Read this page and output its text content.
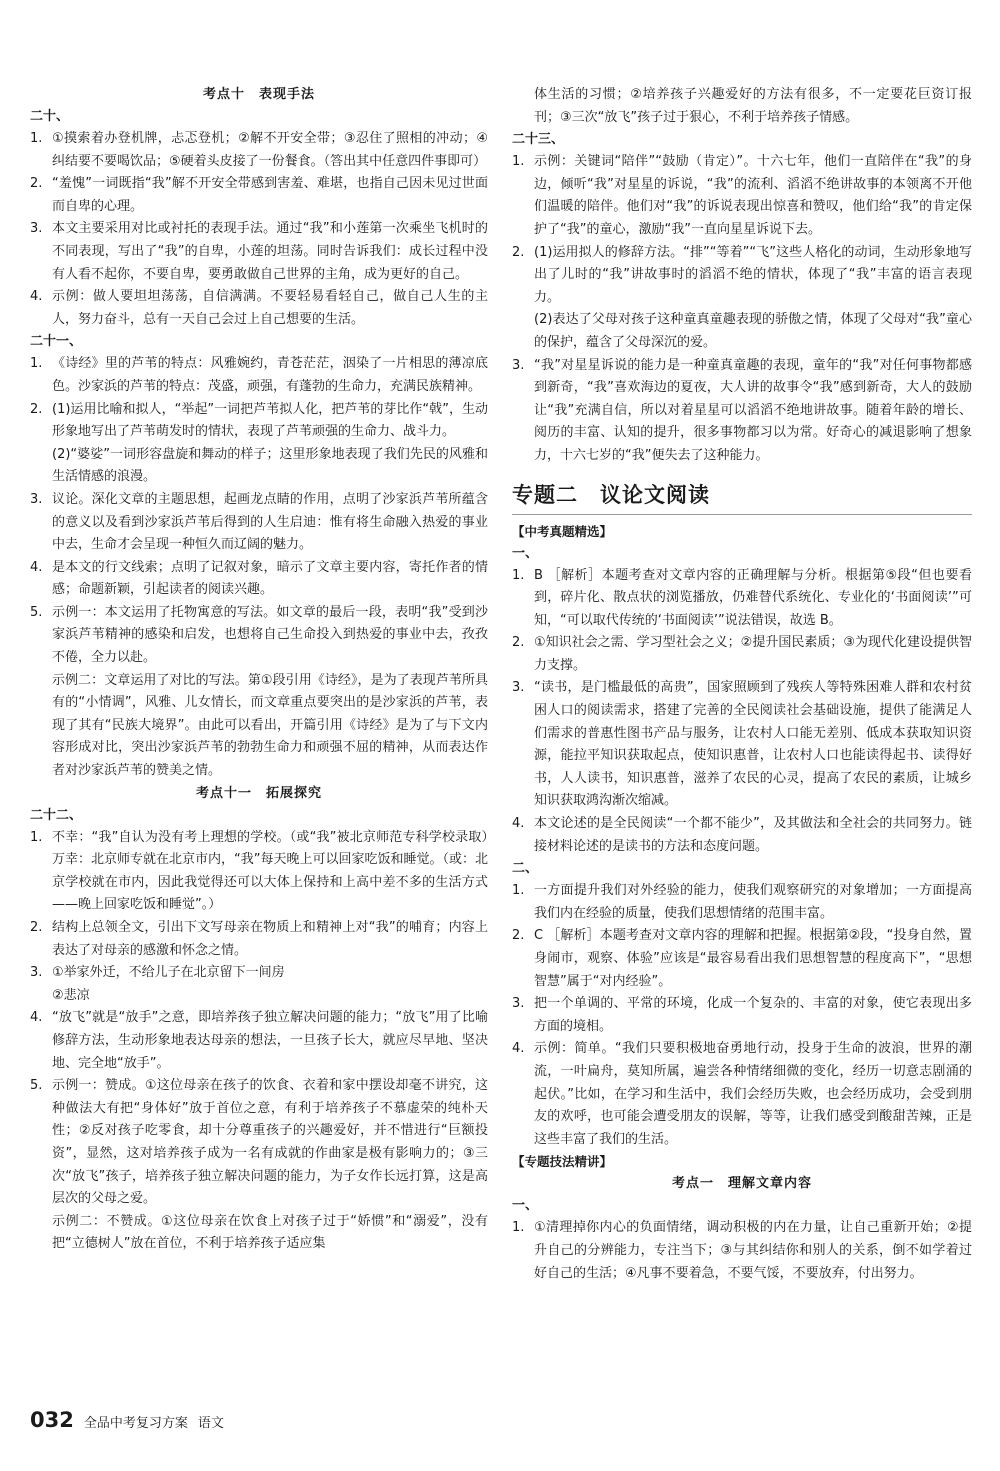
考点十　表现手法
二十、
1. ①摸索着办登机牌，忐忑登机；②解不开安全带；③忍住了照相的冲动；④纠结要不要喝饮品；⑤硬着头皮接了一份餐食。（答出其中任意四件事即可）
2. “羞愧”一词既指“我”解不开安全带感到害羞、难堪，也指自己因未见过世面而自卑的心理。
3. 本文主要采用对比或衬托的表现手法。通过“我”和小莲第一次乘坐飞机时的不同表现，写出了“我”的自卑，小莲的坦荡。同时告诉我们：成长过程中没有人看不起你，不要自卑，要勇敢做自己世界的主角，成为更好的自己。
4. 示例：做人要坦坦荡荡，自信满满。不要轻易看轻自己，做自己人生的主人，努力奋斗，总有一天自己会过上自己想要的生活。
二十一、
1. 《诗经》里的芦苇的特点：风雅婉约，青苍茫茫，洇染了一片相思的薄凉底色。沙家浜的芦苇的特点：茂盛，顽强，有蓬勃的生命力，充满民族精神。
2. (1)运用比喻和拟人，“举起”一词把芦苇拟人化，把芦苇的芽比作“戟”，生动形象地写出了芦苇萌发时的情状，表现了芦苇顽强的生命力、战斗力。
(2)“婆娑”一词形容盘旋和舞动的样子；这里形象地表现了我们先民的风雅和生活情感的浪漫。
3. 议论。深化文章的主题思想，起画龙点睛的作用，点明了沙家浜芦苇所蕴含的意义以及看到沙家浜芦苇后得到的人生启迪：惟有将生命融入热爱的事业中去，生命才会呈现一种恒久而辽阔的魅力。
4. 是本文的行文线索；点明了记叙对象，暗示了文章主要内容，寄托作者的情感；命题新颖，引起读者的阅读兴趣。
5. 示例一：本文运用了托物寓意的写法。如文章的最后一段，表明“我”受到沙家浜芦苇精神的感染和启发，也想将自己生命投入到热爱的事业中去，孜孜不倦，全力以赴。
示例二：文章运用了对比的写法。第①段引用《诗经》，是为了表现芦苇所具有的“小情调”，风雅、儿女情长，而文章重点要突出的是沙家浜的芦苇，表现了其有“民族大境界”。由此可以看出，开篇引用《诗经》是为了与下文内容形成对比，突出沙家浜芦苇的勃勃生命力和顽强不屈的精神，从而表达作者对沙家浜芦苇的赞美之情。
考点十一　拓展探究
二十二、
1. 不幸：“我”自认为没有考上理想的学校。（或“我”被北京师范专科学校录取）　万幸：北京师专就在北京市内，“我”每天晚上可以回家吃饭和睡觉。（或：北京学校就在市内，因此我觉得还可以大体上保持和上高中差不多的生活方式——晚上回家吃饭和睡觉”。）
2. 结构上总领全文，引出下文写母亲在物质上和精神上对“我”的哺育；内容上表达了对母亲的感激和怀念之情。
3. ①举家外迁，不给儿子在北京留下一间房
②悲凉
4. “放飞”就是“放手”之意，即培养孩子独立解决问题的能力；“放飞”用了比喻修辞方法，生动形象地表达母亲的想法，一旦孩子长大，就应尽早地、坚决地、完全地“放手”。
5. 示例一：赞成。①这位母亲在孩子的饮食、衣着和家中摆设却毫不讲究，这种做法大有把“身体好”放于首位之意，有利于培养孩子不慕虚荣的纯朴天性；②反对孩子吃零食，却十分尊重孩子的兴趣爱好，并不惜进行“巨额投资”，显然，这对培养孩子成为一名有成就的作曲家是极有影响力的；③三次“放飞”孩子，培养孩子独立解决问题的能力，为子女作长远打算，这是高层次的父母之爱。
示例二：不赞成。①这位母亲在饮食上对孩子过于“娇惯”和“溺爱”，没有把“立德树人”放在首位，不利于培养孩子适应集
体生活的习惯；②培养孩子兴趣爱好的方法有很多，不一定要花巨资订报刊；③三次“放飞”孩子过于狠心，不利于培养孩子情感。
二十三、
1. 示例：关键词“陪伴”“鼓励（肯定）”。十六七年，他们一直陪伴在“我”的身边，倾听“我”对星星的诉说，“我”的流利、滔滔不绝讲故事的本领离不开他们温暖的陪伴。他们对“我”的诉说表现出惊喜和赞叹，他们给“我”的肯定保护了“我”的童心，激励“我”一直向星星诉说下去。
2. (1)运用拟人的修辞方法。“排”“等着”“飞”这些人格化的动词，生动形象地写出了儿时的“我”讲故事时的滔滔不绝的情状，体现了“我”丰富的语言表现力。
(2)表达了父母对孩子这种童真童趣表现的骄傲之情，体现了父母对“我”童心的保护，蕴含了父母深沉的爱。
3. “我”对星星诉说的能力是一种童真童趣的表现，童年的“我”对任何事物都感到新奇，“我”喜欢海边的夏夜，大人讲的故事令“我”感到新奇，大人的鼓励让“我”充满自信，所以对着星星可以滔滔不绝地讲故事。随着年龄的增长、阅历的丰富、认知的提升，很多事物都习以为常。好奇心的减退影响了想象力，十六七岁的“我”便失去了这种能力。
专题二　议论文阅读
【中考真题精选】
一、
1. B ［解析］本题考查对文章内容的正确理解与分析。根据第⑤段“但也要看到，碎片化、散点状的浏览播放，仍难替代系统化、专业化的‘书面阅读’”可知，“可以取代传统的‘书面阅读’”说法错误，故选 B。
2. ①知识社会之需、学习型社会之义；②提升国民素质；③为现代化建设提供智力支撑。
3. “读书，是门槛最低的高贵”，国家照顾到了残疾人等特殊困难人群和农村贫困人口的阅读需求，搭建了完善的全民阅读社会基础设施，提供了能满足人们需求的普惠性图书产品与服务，让农村人口能无差别、低成本获取知识资源，能拉平知识获取起点，使知识惠普，让农村人口也能读得起书、读得好书，人人读书，知识惠普，滋养了农民的心灵，提高了农民的素质，让城乡知识获取鸿沟渐次缩减。
4. 本文论述的是全民阅读“一个都不能少”，及其做法和全社会的共同努力。链接材料论述的是读书的方法和态度问题。
二、
1. 一方面提升我们对外经验的能力，使我们观察研究的对象增加；一方面提高我们内在经验的质量，使我们思想情绪的范围丰富。
2. C ［解析］本题考查对文章内容的理解和把握。根据第②段，“投身自然，置身闹市，观察、体验”应该是“最容易看出我们思想智慧的程度高下”，“思想智慧”属于“对内经验”。
3. 把一个单调的、平常的环境，化成一个复杂的、丰富的对象，使它表现出多方面的境相。
4. 示例：简单。“我们只要积极地奋勇地行动，投身于生命的波浪，世界的潮流，一叶扁舟，莫知所属，遍尝各种情绪细微的变化，经历一切意志剧涌的起伏。”比如，在学习和生活中，我们会经历失败，也会经历成功，会受到朋友的欢呼，也可能会遭受朋友的误解，等等，让我们感受到酸甜苦辣，正是这些丰富了我们的生活。
【专题技法精讲】
考点一　理解文章内容
一、
1. ①清理掉你内心的负面情绪，调动积极的内在力量，让自己重新开始；②提升自己的分辨能力，专注当下；③与其纠结你和别人的关系，倒不如学着过好自己的生活；④凡事不要着急，不要气馁，不要放弃，付出努力。
032 全品中考复习方案 语文
